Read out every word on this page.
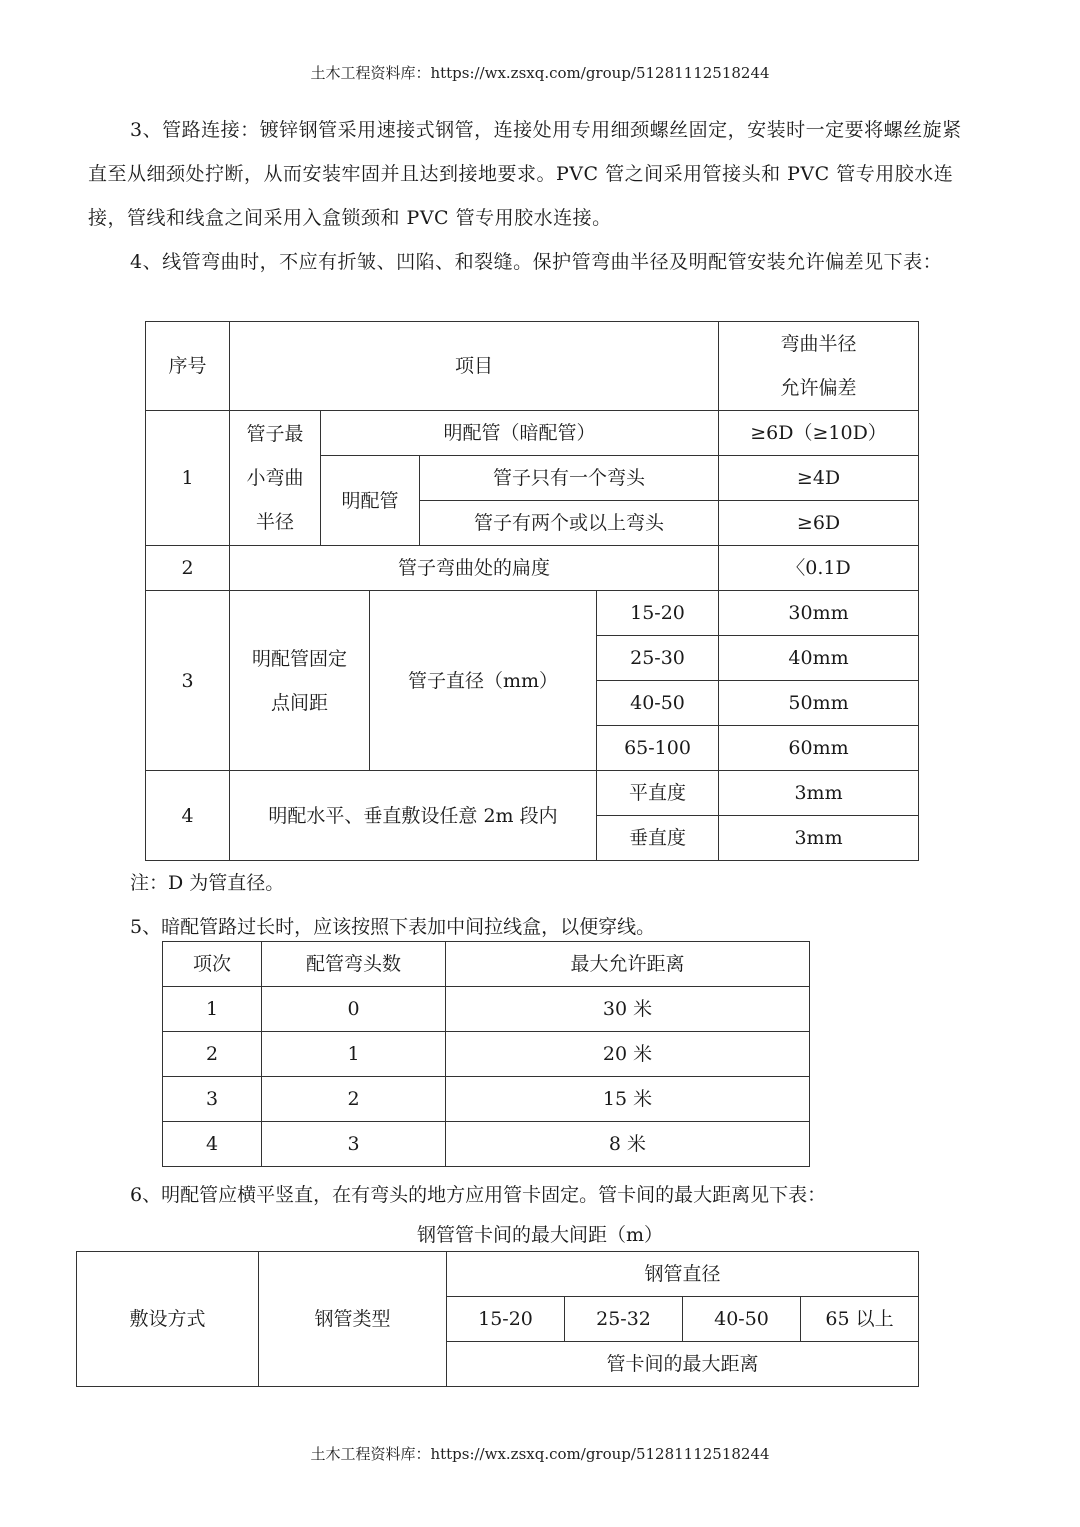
土木工程资料库：https://wx.zsxq.com/group/51281112518244
3、管路连接：镀锌钢管采用速接式钢管，连接处用专用细颈螺丝固定，安装时一定要将螺丝旋紧直至从细颈处拧断，从而安装牢固并且达到接地要求。PVC 管之间采用管接头和 PVC 管专用胶水连接，管线和线盒之间采用入盒锁颈和 PVC 管专用胶水连接。
4、线管弯曲时，不应有折皱、凹陷、和裂缝。保护管弯曲半径及明配管安装允许偏差见下表：
序号	项目					弯曲半径
允许偏差

1	管子最
小弯曲
半径	明配管（暗配管）				≥6D（≥10D）
		明配管		管子只有一个弯头		≥4D
				管子有两个或以上弯头		≥6D
2	管子弯曲处的扁度					〈0.1D
3	明配管固定
点间距		管子直径（mm）		15-20	30mm
					25-30	40mm
					40-50	50mm
					65-100	60mm
4	明配水平、垂直敷设任意 2m 段内				平直度	3mm
					垂直度	3mm
注：D 为管直径。
5、暗配管路过长时，应该按照下表加中间拉线盒，以便穿线。
项次	配管弯头数	最大允许距离
1	0	30 米
2	1	20 米
3	2	15 米
4	3	8 米
6、明配管应横平竖直，在有弯头的地方应用管卡固定。管卡间的最大距离见下表：
钢管管卡间的最大间距（m）
敷设方式	钢管类型	钢管直径			
		15-20	25-32	40-50	65 以上
		管卡间的最大距离			
土木工程资料库：https://wx.zsxq.com/group/51281112518244
